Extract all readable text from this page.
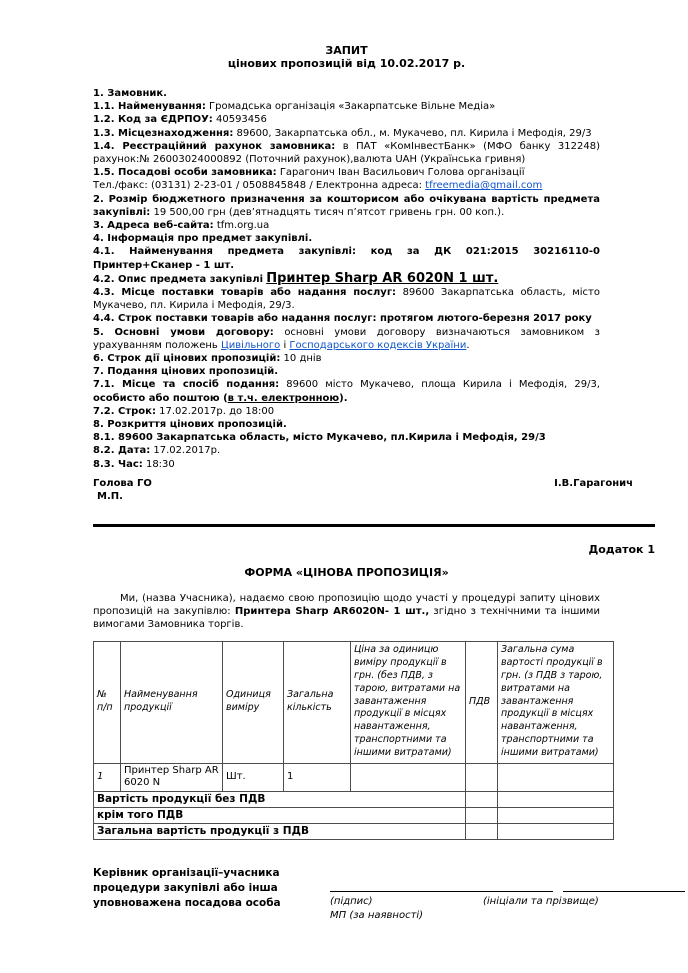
ЗАПИТ
цінових пропозицій від 10.02.2017 р.

1. Замовник.

1.1. Найменування: Громадська організація «Закарпатське Вільне Медіа»

1.2. Код за ЄДРПОУ: 40593456

1.3. Місцезнаходження: 89600, Закарпатська обл., м. Мукачево, пл. Кирила і Мефодія, 29/3

1.4. Реєстраційний рахунок замовника: в ПАТ «КомІнвестБанк» (МФО банку 312248) рахунок:№ 26003024000892 (Поточний рахунок),валюта UAH (Українська гривня)

1.5. Посадові особи замовника: Гарагонич Іван Васильович Голова організації

Тел./факс: (03131) 2-23-01 / 0508845848 / Електронна адреса: tfreemedia@gmail.com

2. Розмір бюджетного призначення за кошторисом або очікувана вартість предмета закупівлі: 19 500,00 грн (дев’ятнадцять тисяч п’ятсот гривень грн. 00 коп.).

3. Адреса веб-сайта: tfm.org.ua

4. Інформація про предмет закупівлі.

4.1. Найменування предмета закупівлі: код за ДК 021:2015 30216110-0 Принтер+Сканер - 1 шт.

4.2. Опис предмета закупівлі Принтер Sharp AR 6020N 1 шт.

4.3. Місце поставки товарів або надання послуг: 89600 Закарпатська область, місто Мукачево, пл. Кирила і Мефодія, 29/3.

4.4. Строк поставки товарів або надання послуг: протягом лютого-березня 2017 року

5. Основні умови договору: основні умови договору визначаються замовником з урахуванням положень Цивільного і Господарського кодексів України.

6. Строк дії цінових пропозицій: 10 днів

7. Подання цінових пропозицій.

7.1. Місце та спосіб подання: 89600 місто Мукачево, площа Кирила і Мефодія, 29/3, особисто або поштою (в т.ч. електронною).

7.2. Строк: 17.02.2017р. до 18:00

8. Розкриття цінових пропозицій.

8.1. 89600 Закарпатська область, місто Мукачево, пл.Кирила і Мефодія, 29/3

8.2. Дата: 17.02.2017р.

8.3. Час: 18:30

Голова ГО	І.В.Гарагонич
М.П.
Додаток 1
ФОРМА «ЦІНОВА ПРОПОЗИЦІЯ»

Ми, (назва Учасника), надаємо свою пропозицію щодо участі у процедурі запиту цінових пропозицій на закупівлю: Принтера Sharp AR6020N- 1 шт., згідно з технічними та іншими вимогами Замовника торгів.

№ п/п	Найменування продукції	Одиниця виміру	Загальна кількість	Ціна за одиницю виміру продукції в грн. (без ПДВ, з тарою, витратами на завантаження продукції в місцях навантаження, транспортними та іншими витратами)	ПДВ	Загальна сума вартості продукції в грн. (з ПДВ з тарою, витратами на завантаження продукції в місцях навантаження, транспортними та іншими витратами)
1	Принтер Sharp AR 6020 N	Шт.	1			
Вартість продукції без ПДВ						
крім того ПДВ						
Загальна вартість продукції з ПДВ						
Керівник організації–учасника
процедури закупівлі або інша
уповноважена посадова особа	(підпис)
МП (за наявності)
(ініціали та прізвище)
